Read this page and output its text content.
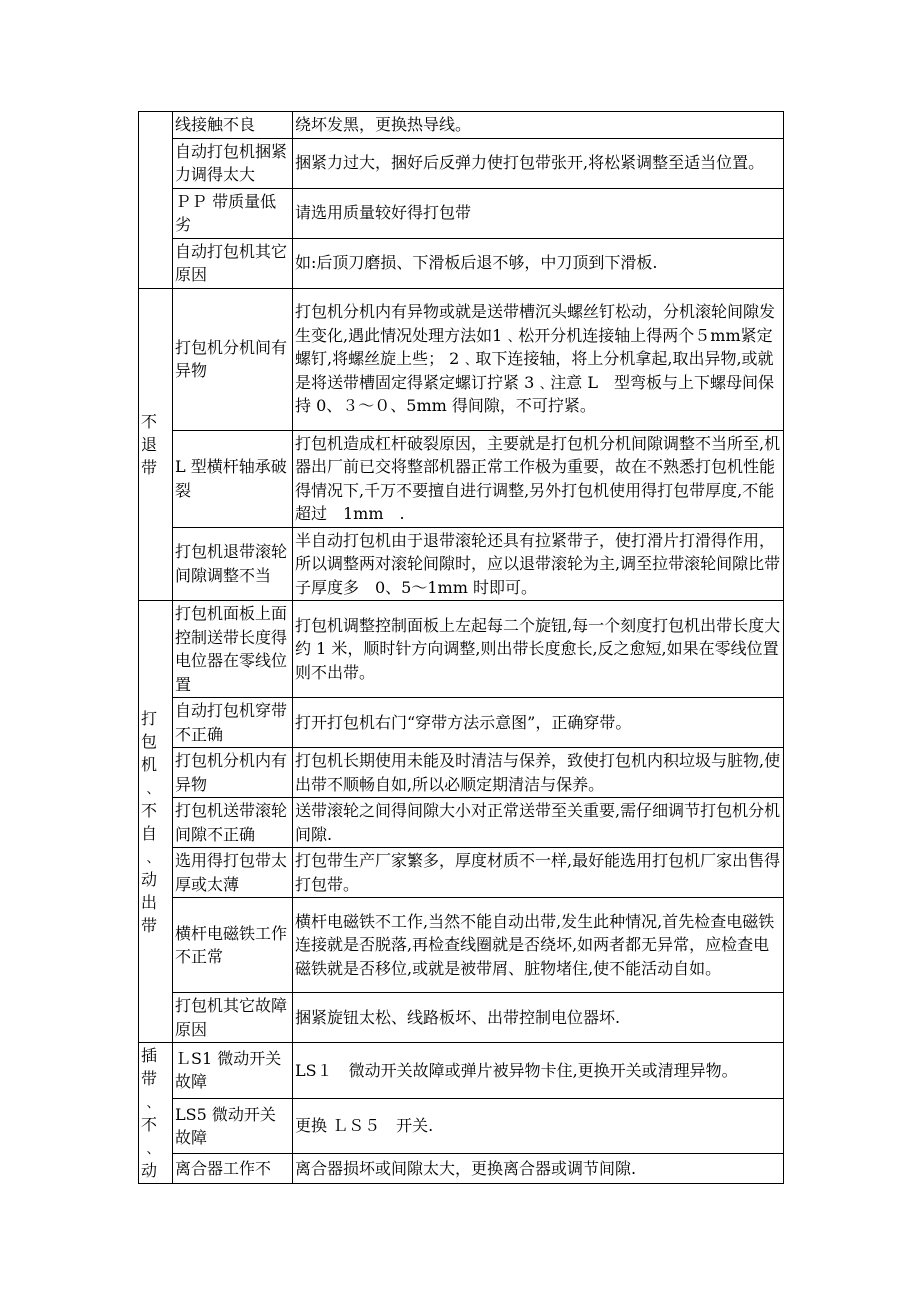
	线接触不良	绕坏发黑，更换热导线。
	自动打包机捆紧力调得太大	捆紧力过大，捆好后反弹力使打包带张开,将松紧调整至适当位置。
	ＰＰ 带质量低劣	请选用质量较好得打包带
	自动打包机其它原因	如:后顶刀磨损、下滑板后退不够，中刀顶到下滑板.

不退带	打包机分机间有异物	打包机分机内有异物或就是送带槽沉头螺丝钉松动，分机滚轮间隙发生变化,遇此情况处理方法如1﹑松开分机连接轴上得两个５mm紧定螺钉,将螺丝旋上些； 2﹑取下连接轴，将上分机拿起,取出异物,或就是将送带槽固定得紧定螺订拧紧 3﹑注意 L　型弯板与上下螺母间保持 0、３～０、5mm 得间隙，不可拧紧。
	L 型横杆轴承破裂	打包机造成杠杆破裂原因，主要就是打包机分机间隙调整不当所至,机器出厂前已交将整部机器正常工作极为重要，故在不熟悉打包机性能得情况下,千万不要擅自进行调整,另外打包机使用得打包带厚度,不能超过　1mm　.
	打包机退带滚轮间隙调整不当	半自动打包机由于退带滚轮还具有拉紧带子，使打滑片打滑得作用，所以调整两对滚轮间隙时，应以退带滚轮为主,调至拉带滚轮间隙比带子厚度多　0、5～1mm 时即可。

打包机﹑不自﹑动出带	打包机面板上面控制送带长度得电位器在零线位置	打包机调整控制面板上左起每二个旋钮,每一个刻度打包机出带长度大约 1 米，顺时针方向调整,则出带长度愈长,反之愈短,如果在零线位置则不出带。
	自动打包机穿带不正确	打开打包机右门“穿带方法示意图”，正确穿带。
	打包机分机内有异物	打包机长期使用未能及时清洁与保养，致使打包机内积垃圾与脏物,使出带不顺畅自如,所以必顺定期清洁与保养。
	打包机送带滚轮间隙不正确	送带滚轮之间得间隙大小对正常送带至关重要,需仔细调节打包机分机间隙.
	选用得打包带太厚或太薄	打包带生产厂家繁多，厚度材质不一样,最好能选用打包机厂家出售得打包带。
	横杆电磁铁工作不正常	横杆电磁铁不工作,当然不能自动出带,发生此种情况,首先检查电磁铁连接就是否脱落,再检查线圈就是否绕坏,如两者都无异常，应检查电磁铁就是否移位,或就是被带屑、脏物堵住,使不能活动自如。
	打包机其它故障原因	捆紧旋钮太松、线路板坏、出带控制电位器坏.

插带﹑不﹑动	ＬS1 微动开关故障	LS１　微动开关故障或弹片被异物卡住,更换开关或清理异物。
	LS5 微动开关故障	更换 ＬＳ５　开关.
	离合器工作不	离合器损坏或间隙太大，更换离合器或调节间隙.
